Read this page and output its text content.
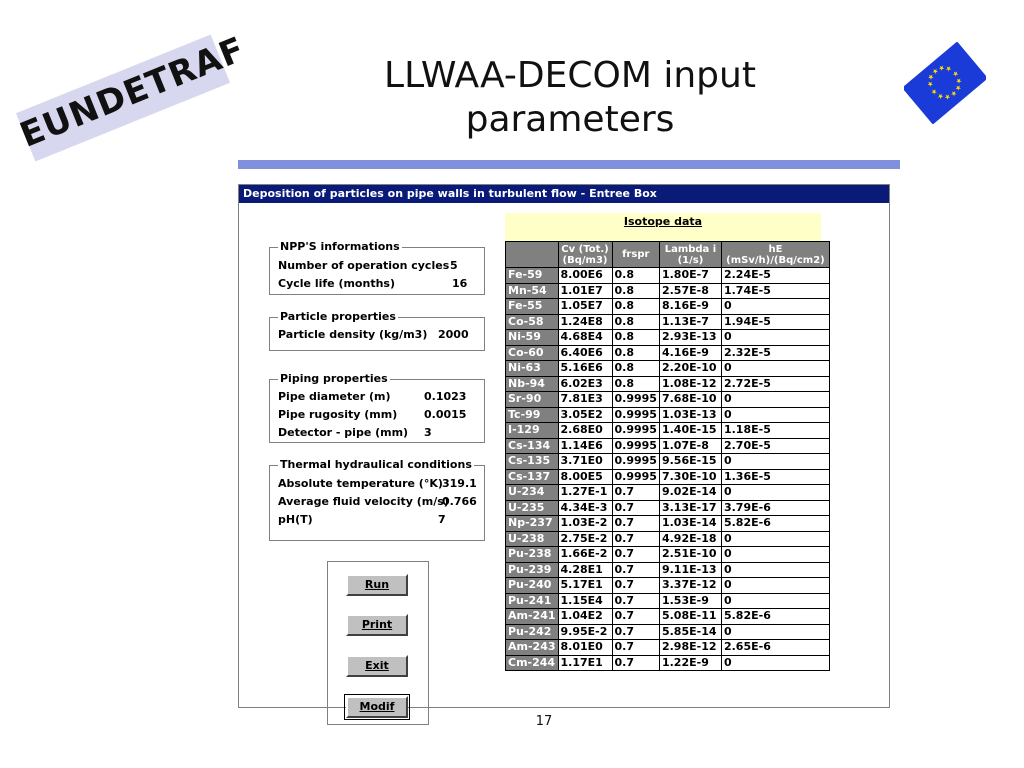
EUNDETRAF	LLWAA-DECOM input
parameters
★
★
★
★
★
★
★
★
★
★
★
★
Deposition of particles on pipe walls in turbulent flow - Entree Box
NPP'S informations
Number of operation cycles 5
Cycle life (months)	16
Particle properties
Particle density (kg/m3) 2000
Piping properties
Pipe diameter (m)	0.1023
Pipe rugosity (mm) 0.0015
Detector - pipe (mm) 3
Thermal hydraulical conditions
Absolute temperature (°K) 319.1
Average fluid velocity (m/s)
0.766
pH(T)	7
Run
Print
Exit
Modif
Isotope data
	Cv (Tot.) (Bq/m3)	frspr	Lambda i (1/s)	hE (mSv/h)/(Bq/cm2)
Fe-59	8.00E6	0.8	1.80E-7	2.24E-5
Mn-54	1.01E7	0.8	2.57E-8	1.74E-5
Fe-55	1.05E7	0.8	8.16E-9	0
Co-58	1.24E8	0.8	1.13E-7	1.94E-5
Ni-59	4.68E4	0.8	2.93E-13	0
Co-60	6.40E6	0.8	4.16E-9	2.32E-5
Ni-63	5.16E6	0.8	2.20E-10	0
Nb-94	6.02E3	0.8	1.08E-12	2.72E-5
Sr-90	7.81E3	0.9995	7.68E-10	0
Tc-99	3.05E2	0.9995	1.03E-13	0
I-129	2.68E0	0.9995	1.40E-15	1.18E-5
Cs-134	1.14E6	0.9995	1.07E-8	2.70E-5
Cs-135	3.71E0	0.9995	9.56E-15	0
Cs-137	8.00E5	0.9995	7.30E-10	1.36E-5
U-234	1.27E-1	0.7	9.02E-14	0
U-235	4.34E-3	0.7	3.13E-17	3.79E-6
Np-237	1.03E-2	0.7	1.03E-14	5.82E-6
U-238	2.75E-2	0.7	4.92E-18	0
Pu-238	1.66E-2	0.7	2.51E-10	0
Pu-239	4.28E1	0.7	9.11E-13	0
Pu-240	5.17E1	0.7	3.37E-12	0
Pu-241	1.15E4	0.7	1.53E-9	0
Am-241	1.04E2	0.7	5.08E-11	5.82E-6
Pu-242	9.95E-2	0.7	5.85E-14	0
Am-243	8.01E0	0.7	2.98E-12	2.65E-6
Cm-244	1.17E1	0.7	1.22E-9	0
17
